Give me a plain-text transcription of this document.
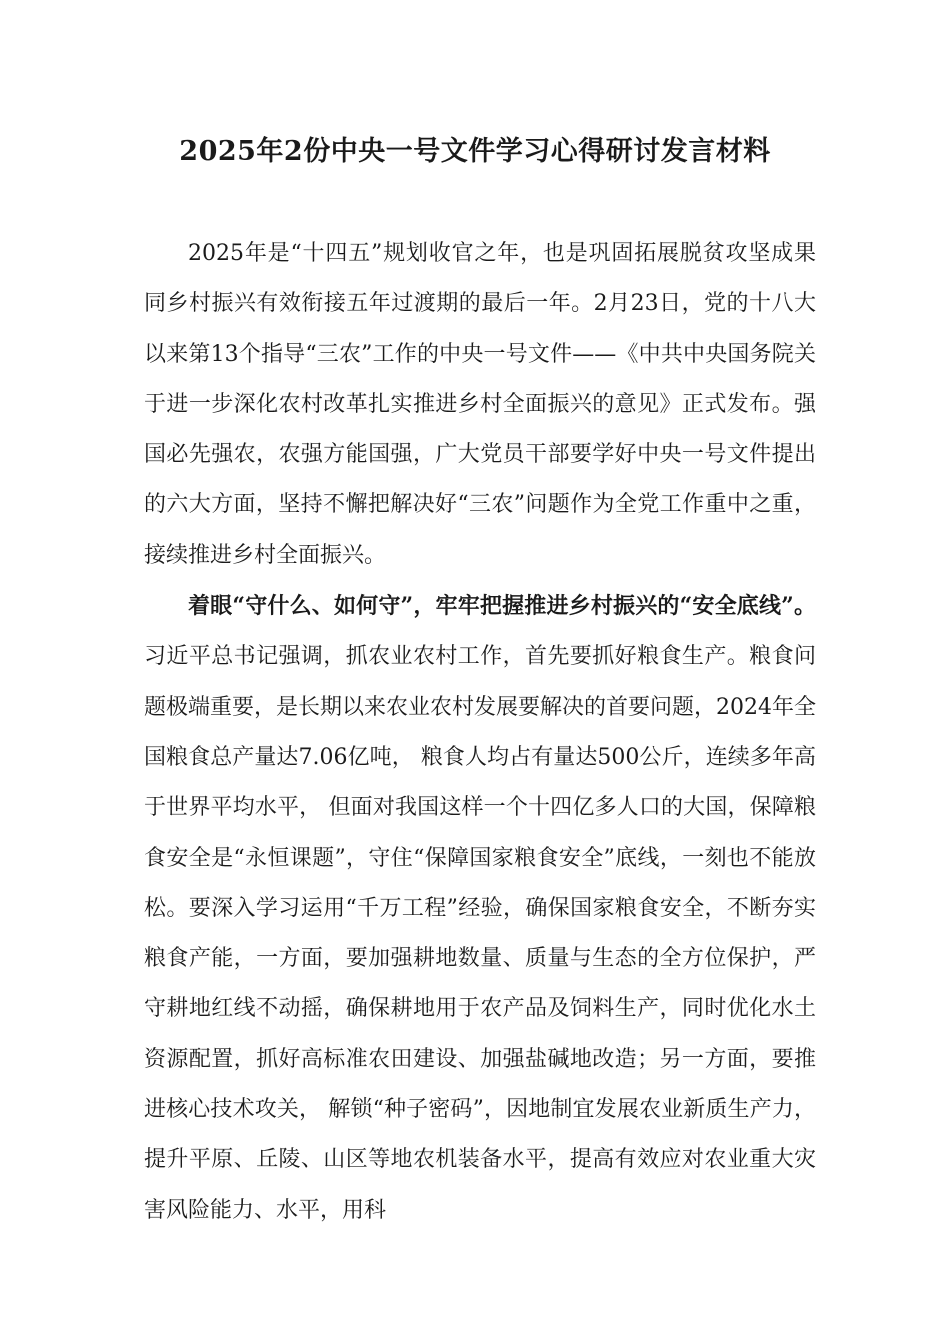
2025年2份中央一号文件学习心得研讨发言材料

2025年是“十四五”规划收官之年，也是巩固拓展脱贫攻坚成果同乡村振兴有效衔接五年过渡期的最后一年。2月23日，党的十八大以来第13个指导“三农”工作的中央一号文件——《中共中央国务院关于进一步深化农村改革扎实推进乡村全面振兴的意见》正式发布。强国必先强农，农强方能国强，广大党员干部要学好中央一号文件提出的六大方面，坚持不懈把解决好“三农”问题作为全党工作重中之重， 接续推进乡村全面振兴。

着眼“守什么、如何守”，牢牢把握推进乡村振兴的“安全底线”。习近平总书记强调，抓农业农村工作，首先要抓好粮食生产。粮食问题极端重要，是长期以来农业农村发展要解决的首要问题，2024年全国粮食总产量达7.06亿吨， 粮食人均占有量达500公斤，连续多年高于世界平均水平， 但面对我国这样一个十四亿多人口的大国，保障粮食安全是“永恒课题”，守住“保障国家粮食安全”底线，一刻也不能放松。要深入学习运用“千万工程”经验，确保国家粮食安全，不断夯实粮食产能，一方面，要加强耕地数量、质量与生态的全方位保护，严守耕地红线不动摇，确保耕地用于农产品及饲料生产，同时优化水土资源配置，抓好高标准农田建设、加强盐碱地改造；另一方面，要推进核心技术攻关， 解锁“种子密码”，因地制宜发展农业新质生产力，提升平原、丘陵、山区等地农机装备水平，提高有效应对农业重大灾害风险能力、水平，用科
